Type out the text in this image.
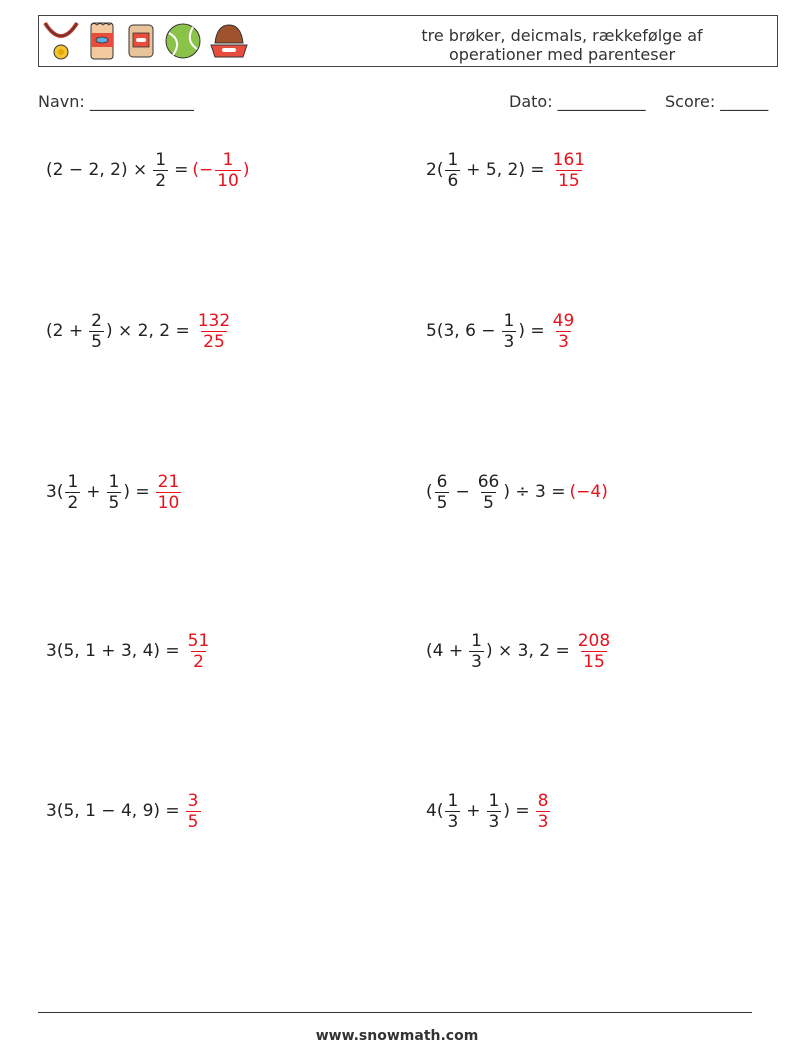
tre brøker, deicmals, rækkefølge af
operationer med parenteser
Navn: _____________	Dato: ___________ Score: ______
(2 − 2, $2) \times \frac{1}{2}$ = (− $\frac{1}{10}$ )	$2( \frac{1}{6} + 5$, $2) = \frac{161}{15}$
($2 + \frac{2}{5}$ ) × 2, $2 = \frac{132}{25}$	5(3, $6 - \frac{1}{3}$ ) = $\frac{49}{3}$
$3( \frac{1}{2} + \frac{1}{5}$ ) = $\frac{21}{10}$	( $\frac{6}{5} - \frac{66}{5}$ ) ÷ 3 = (−4)
3(5, 1 + 3, $4) = \frac{51}{2}$	($4 + \frac{1}{3}$ ) × 3, $2 = \frac{208}{15}$
3(5, 1 − 4, $9) = \frac{3}{5}$	$4( \frac{1}{3} + \frac{1}{3}$ ) = $\frac{8}{3}$
www.snowmath.com
